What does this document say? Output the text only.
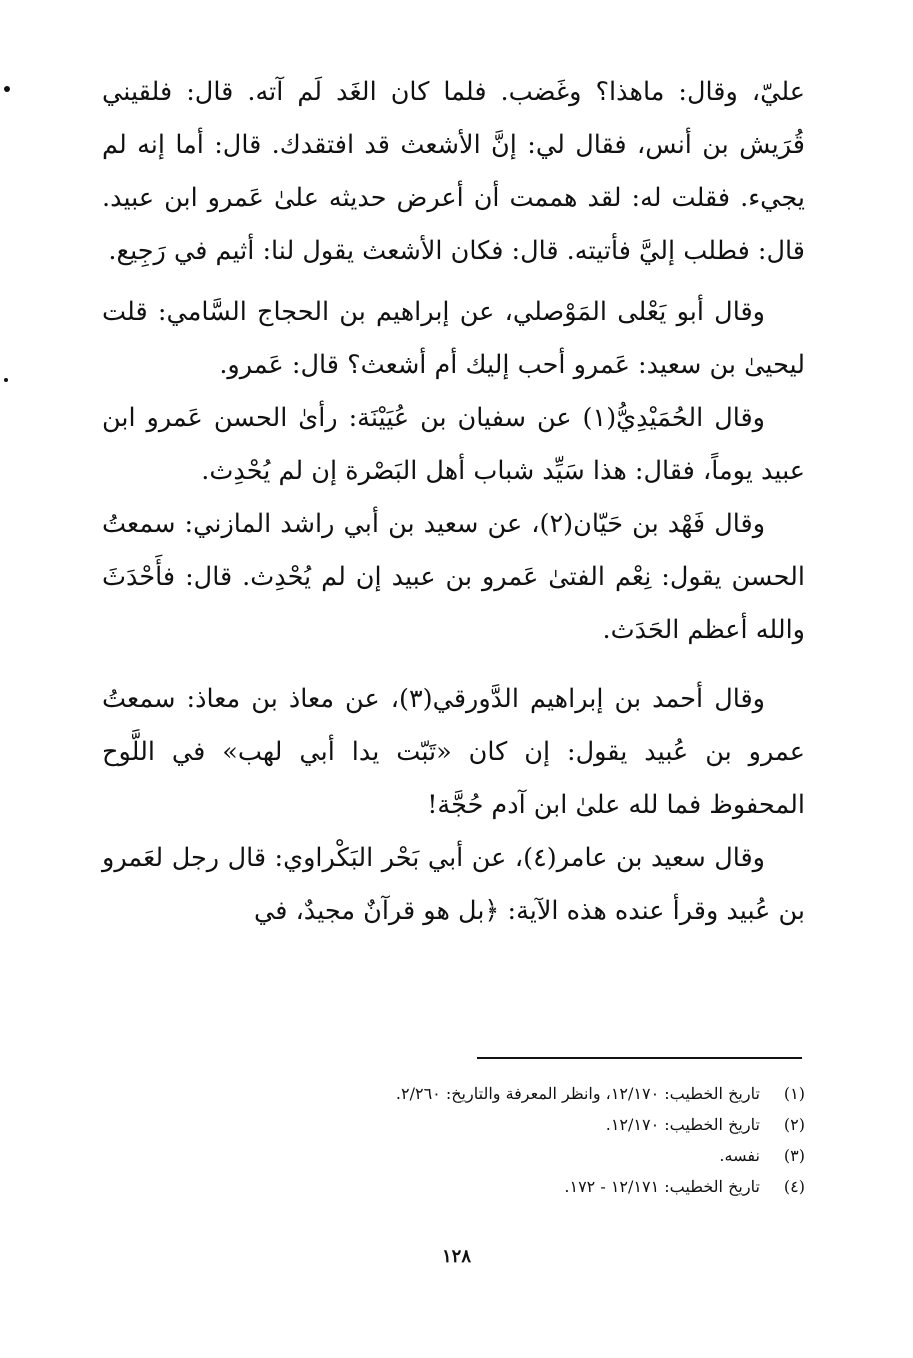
عليّ، وقال: ماهذا؟ وغَضب. فلما كان الغَد لَم آته. قال: فلقيني قُرَيش بن أنس، فقال لي: إنَّ الأشعث قد افتقدك. قال: أما إنه لم يجيء. فقلت له: لقد هممت أن أعرض حديثه علىٰ عَمرو ابن عبيد. قال: فطلب إليَّ فأتيته. قال: فكان الأشعث يقول لنا: أثيم في رَجِيع.

وقال أبو يَعْلى المَوْصلي، عن إبراهيم بن الحجاج السَّامي: قلت ليحيىٰ بن سعيد: عَمرو أحب إليك أم أشعث؟ قال: عَمرو.

وقال الحُمَيْدِيُّ(١) عن سفيان بن عُيَيْنَة: رأىٰ الحسن عَمرو ابن عبيد يوماً، فقال: هذا سَيِّد شباب أهل البَصْرة إن لم يُحْدِث.

وقال فَهْد بن حَيّان(٢)، عن سعيد بن أبي راشد المازني: سمعتُ الحسن يقول: نِعْم الفتىٰ عَمرو بن عبيد إن لم يُحْدِث. قال: فأَحْدَثَ والله أعظم الحَدَث.

وقال أحمد بن إبراهيم الدَّورقي(٣)، عن معاذ بن معاذ: سمعتُ عمرو بن عُبيد يقول: إن كان «تَبّت يدا أبي لهب» في اللَّوح المحفوظ فما لله علىٰ ابن آدم حُجَّة!

وقال سعيد بن عامر(٤)، عن أبي بَحْر البَكْراوي: قال رجل لعَمرو بن عُبيد وقرأ عنده هذه الآية: ﴿بل هو قرآنٌ مجيدٌ، في

(١) تاريخ الخطيب: ١٢/١٧٠، وانظر المعرفة والتاريخ: ٢/٢٦٠.
(٢) تاريخ الخطيب: ١٢/١٧٠.
(٣) نفسه.
(٤) تاريخ الخطيب: ١٢/١٧١ - ١٧٢.
١٢٨
